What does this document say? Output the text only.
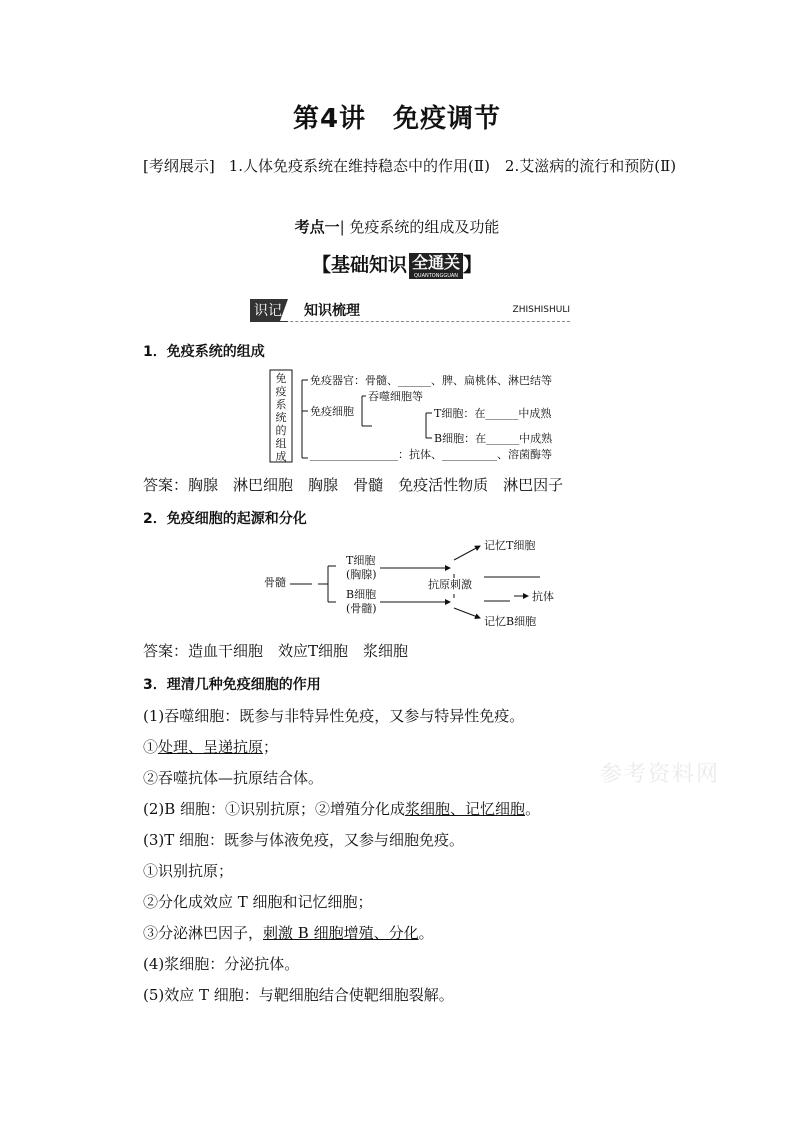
第4讲　免疫调节
[考纲展示] 1.人体免疫系统在维持稳态中的作用(Ⅱ)　2.艾滋病的流行和预防(Ⅱ)
考点一| 免疫系统的组成及功能
【基础知识 全通关
QUANTONGGUAN 】
识记	知识梳理	ZHISHISHULI
1．免疫系统的组成
免
疫
系
统
的
组
成
免疫器官：骨髓、______、脾、扁桃体、淋巴结等
免疫细胞
吞噬细胞等
T细胞：在______中成熟
B细胞：在______中成熟
________________：抗体、__________、溶菌酶等
答案：胸腺  淋巴细胞  胸腺  骨髓  免疫活性物质  淋巴因子
2．免疫细胞的起源和分化
骨髓
T细胞
(胸腺)
B细胞
(骨髓)
抗原刺激
记忆T细胞
抗体
记忆B细胞
答案：造血干细胞  效应T细胞  浆细胞
3．理清几种免疫细胞的作用
(1)吞噬细胞：既参与非特异性免疫，又参与特异性免疫。
①处理、呈递抗原；
②吞噬抗体—抗原结合体。
(2)B 细胞：①识别抗原；②增殖分化成浆细胞、记忆细胞。
(3)T 细胞：既参与体液免疫，又参与细胞免疫。
①识别抗原；
②分化成效应 T 细胞和记忆细胞；
③分泌淋巴因子，刺激 B 细胞增殖、分化。
(4)浆细胞：分泌抗体。
(5)效应 T 细胞：与靶细胞结合使靶细胞裂解。
参考资料网
